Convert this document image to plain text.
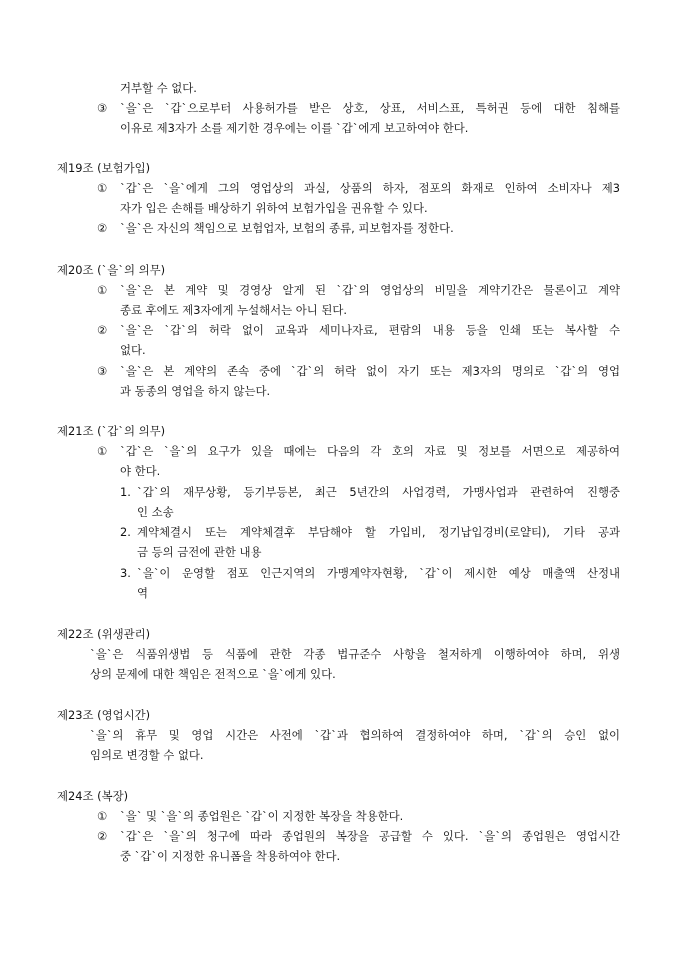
거부할 수 없다.
③ `을`은 `갑`으로부터 사용허가를 받은 상호, 상표, 서비스표, 특허권 등에 대한 침해를
이유로 제3자가 소를 제기한 경우에는 이를 `갑`에게 보고하여야 한다.
제19조 (보험가입)
① `갑`은 `을`에게 그의 영업상의 과실, 상품의 하자, 점포의 화재로 인하여 소비자나 제3
자가 입은 손해를 배상하기 위하여 보험가입을 권유할 수 있다.
② `을`은 자신의 책임으로 보험업자, 보험의 종류, 피보험자를 정한다.
제20조 (`을`의 의무)
① `을`은 본 계약 및 경영상 알게 된 `갑`의 영업상의 비밀을 계약기간은 물론이고 계약
종료 후에도 제3자에게 누설해서는 아니 된다.
② `을`은 `갑`의 허락 없이 교육과 세미나자료, 편람의 내용 등을 인쇄 또는 복사할 수
없다.
③ `을`은 본 계약의 존속 중에 `갑`의 허락 없이 자기 또는 제3자의 명의로 `갑`의 영업
과 동종의 영업을 하지 않는다.
제21조 (`갑`의 의무)
① `갑`은 `을`의 요구가 있을 때에는 다음의 각 호의 자료 및 정보를 서면으로 제공하여
야 한다.
1. `갑`의 재무상황, 등기부등본, 최근 5년간의 사업경력, 가맹사업과 관련하여 진행중
인 소송
2. 계약체결시 또는 계약체결후 부담해야 할 가입비, 정기납입경비(로얄티), 기타 공과
금 등의 금전에 관한 내용
3. `을`이 운영할 점포 인근지역의 가맹계약자현황, `갑`이 제시한 예상 매출액 산정내
역
제22조 (위생관리)
`을`은 식품위생법 등 식품에 관한 각종 법규준수 사항을 철저하게 이행하여야 하며, 위생
상의 문제에 대한 책임은 전적으로 `을`에게 있다.
제23조 (영업시간)
`을`의 휴무 및 영업 시간은 사전에 `갑`과 협의하여 결정하여야 하며, `갑`의 승인 없이
임의로 변경할 수 없다.
제24조 (복장)
① `을` 및 `을`의 종업원은 `갑`이 지정한 복장을 착용한다.
② `갑`은 `을`의 청구에 따라 종업원의 복장을 공급할 수 있다. `을`의 종업원은 영업시간
중 `갑`이 지정한 유니폼을 착용하여야 한다.
